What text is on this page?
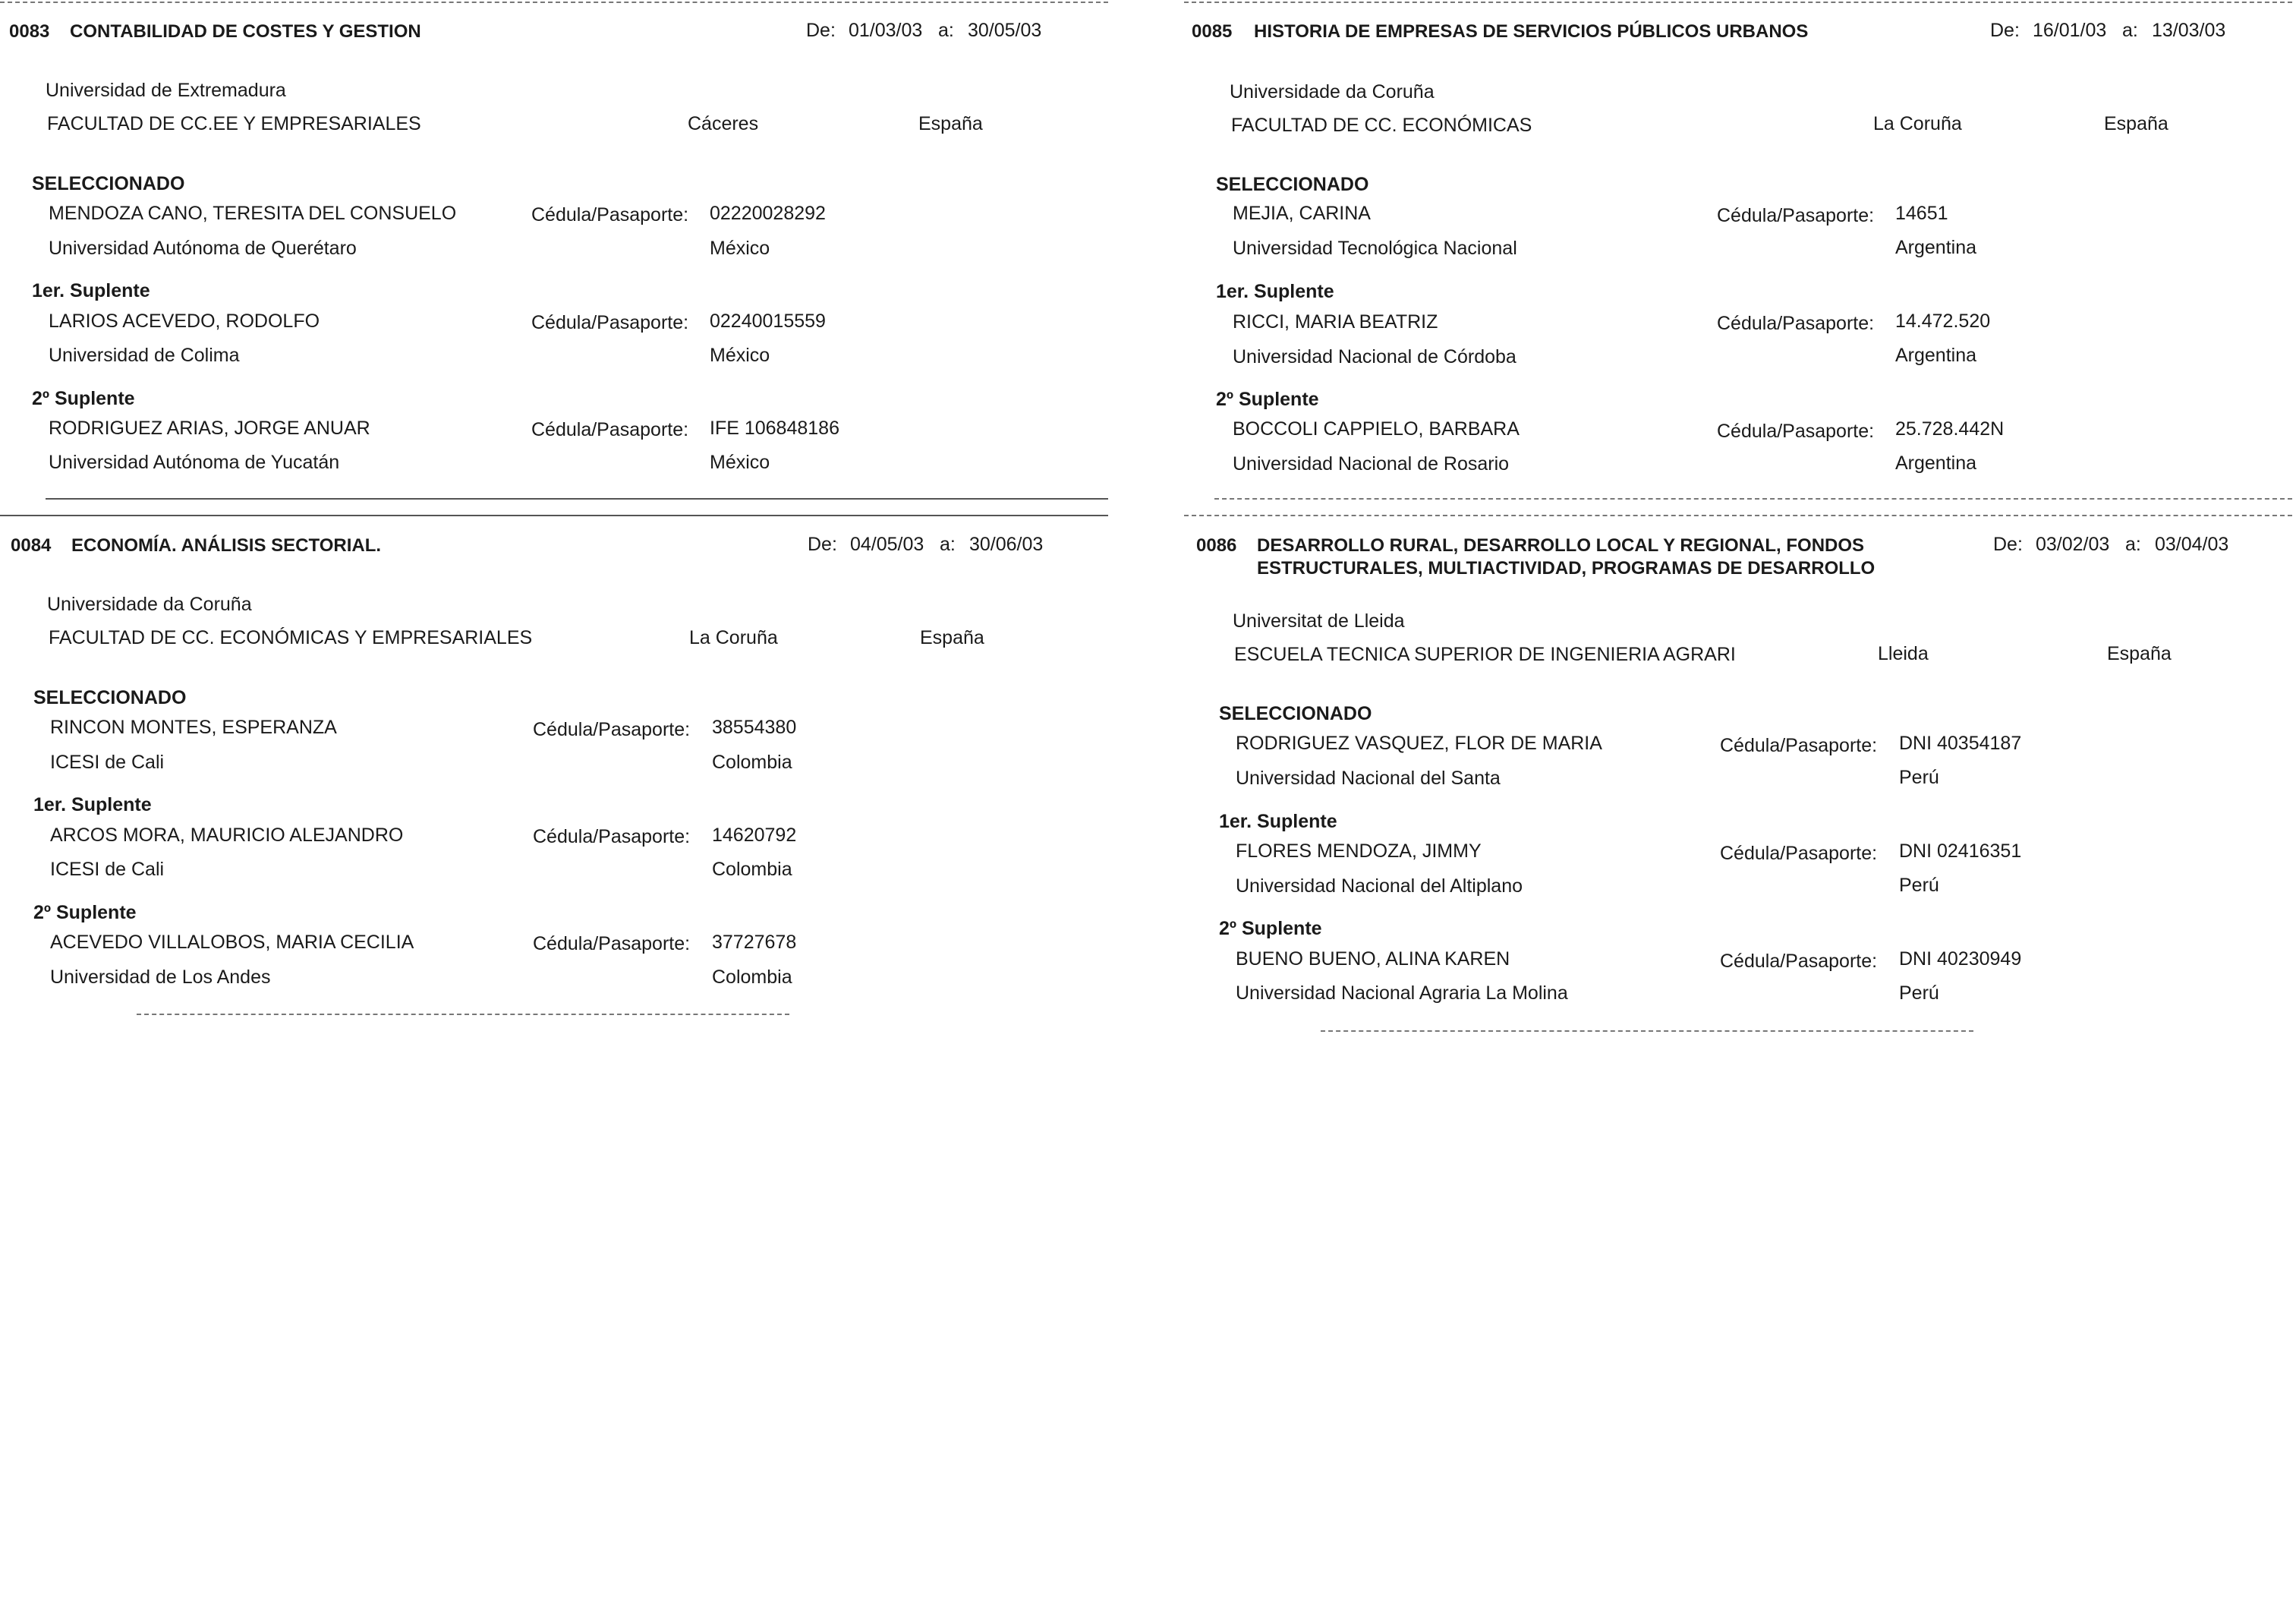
0083 CONTABILIDAD DE COSTES Y GESTION	De: 01/03/03 a: 30/05/03
Universidad de Extremadura
FACULTAD DE CC.EE Y EMPRESARIALES	Cáceres	España
SELECCIONADO
MENDOZA CANO, TERESITA DEL CONSUELO	Cédula/Pasaporte: 02220028292
Universidad Autónoma de Querétaro	México
1er. Suplente
LARIOS ACEVEDO, RODOLFO	Cédula/Pasaporte: 02240015559
Universidad de Colima	México
2º Suplente
RODRIGUEZ ARIAS, JORGE ANUAR	Cédula/Pasaporte: IFE 106848186
Universidad Autónoma de Yucatán	México
0085 HISTORIA DE EMPRESAS DE SERVICIOS PÚBLICOS URBANOS	De: 16/01/03 a: 13/03/03
Universidade da Coruña
FACULTAD DE CC. ECONÓMICAS	La Coruña	España
SELECCIONADO
MEJIA, CARINA	Cédula/Pasaporte: 14651
Universidad Tecnológica Nacional	Argentina
1er. Suplente
RICCI, MARIA BEATRIZ	Cédula/Pasaporte: 14.472.520
Universidad Nacional de Córdoba	Argentina
2º Suplente
BOCCOLI CAPPIELO, BARBARA	Cédula/Pasaporte: 25.728.442N
Universidad Nacional de Rosario	Argentina
0084 ECONOMÍA. ANÁLISIS SECTORIAL.	De: 04/05/03 a: 30/06/03
Universidade da Coruña
FACULTAD DE CC. ECONÓMICAS Y EMPRESARIALES	La Coruña	España
SELECCIONADO
RINCON MONTES, ESPERANZA	Cédula/Pasaporte: 38554380
ICESI de Cali	Colombia
1er. Suplente
ARCOS MORA, MAURICIO ALEJANDRO	Cédula/Pasaporte: 14620792
ICESI de Cali	Colombia
2º Suplente
ACEVEDO VILLALOBOS, MARIA CECILIA	Cédula/Pasaporte: 37727678
Universidad de Los Andes	Colombia
0086 DESARROLLO RURAL, DESARROLLO LOCAL Y REGIONAL, FONDOS
ESTRUCTURALES, MULTIACTIVIDAD, PROGRAMAS DE DESARROLLO
De: 03/02/03 a: 03/04/03
Universitat de Lleida
ESCUELA TECNICA SUPERIOR DE INGENIERIA AGRARI	Lleida	España
SELECCIONADO
RODRIGUEZ VASQUEZ, FLOR DE MARIA	Cédula/Pasaporte: DNI 40354187
Universidad Nacional del Santa	Perú
1er. Suplente
FLORES MENDOZA, JIMMY	Cédula/Pasaporte: DNI 02416351
Universidad Nacional del Altiplano	Perú
2º Suplente
BUENO BUENO, ALINA KAREN	Cédula/Pasaporte: DNI 40230949
Universidad Nacional Agraria La Molina	Perú
